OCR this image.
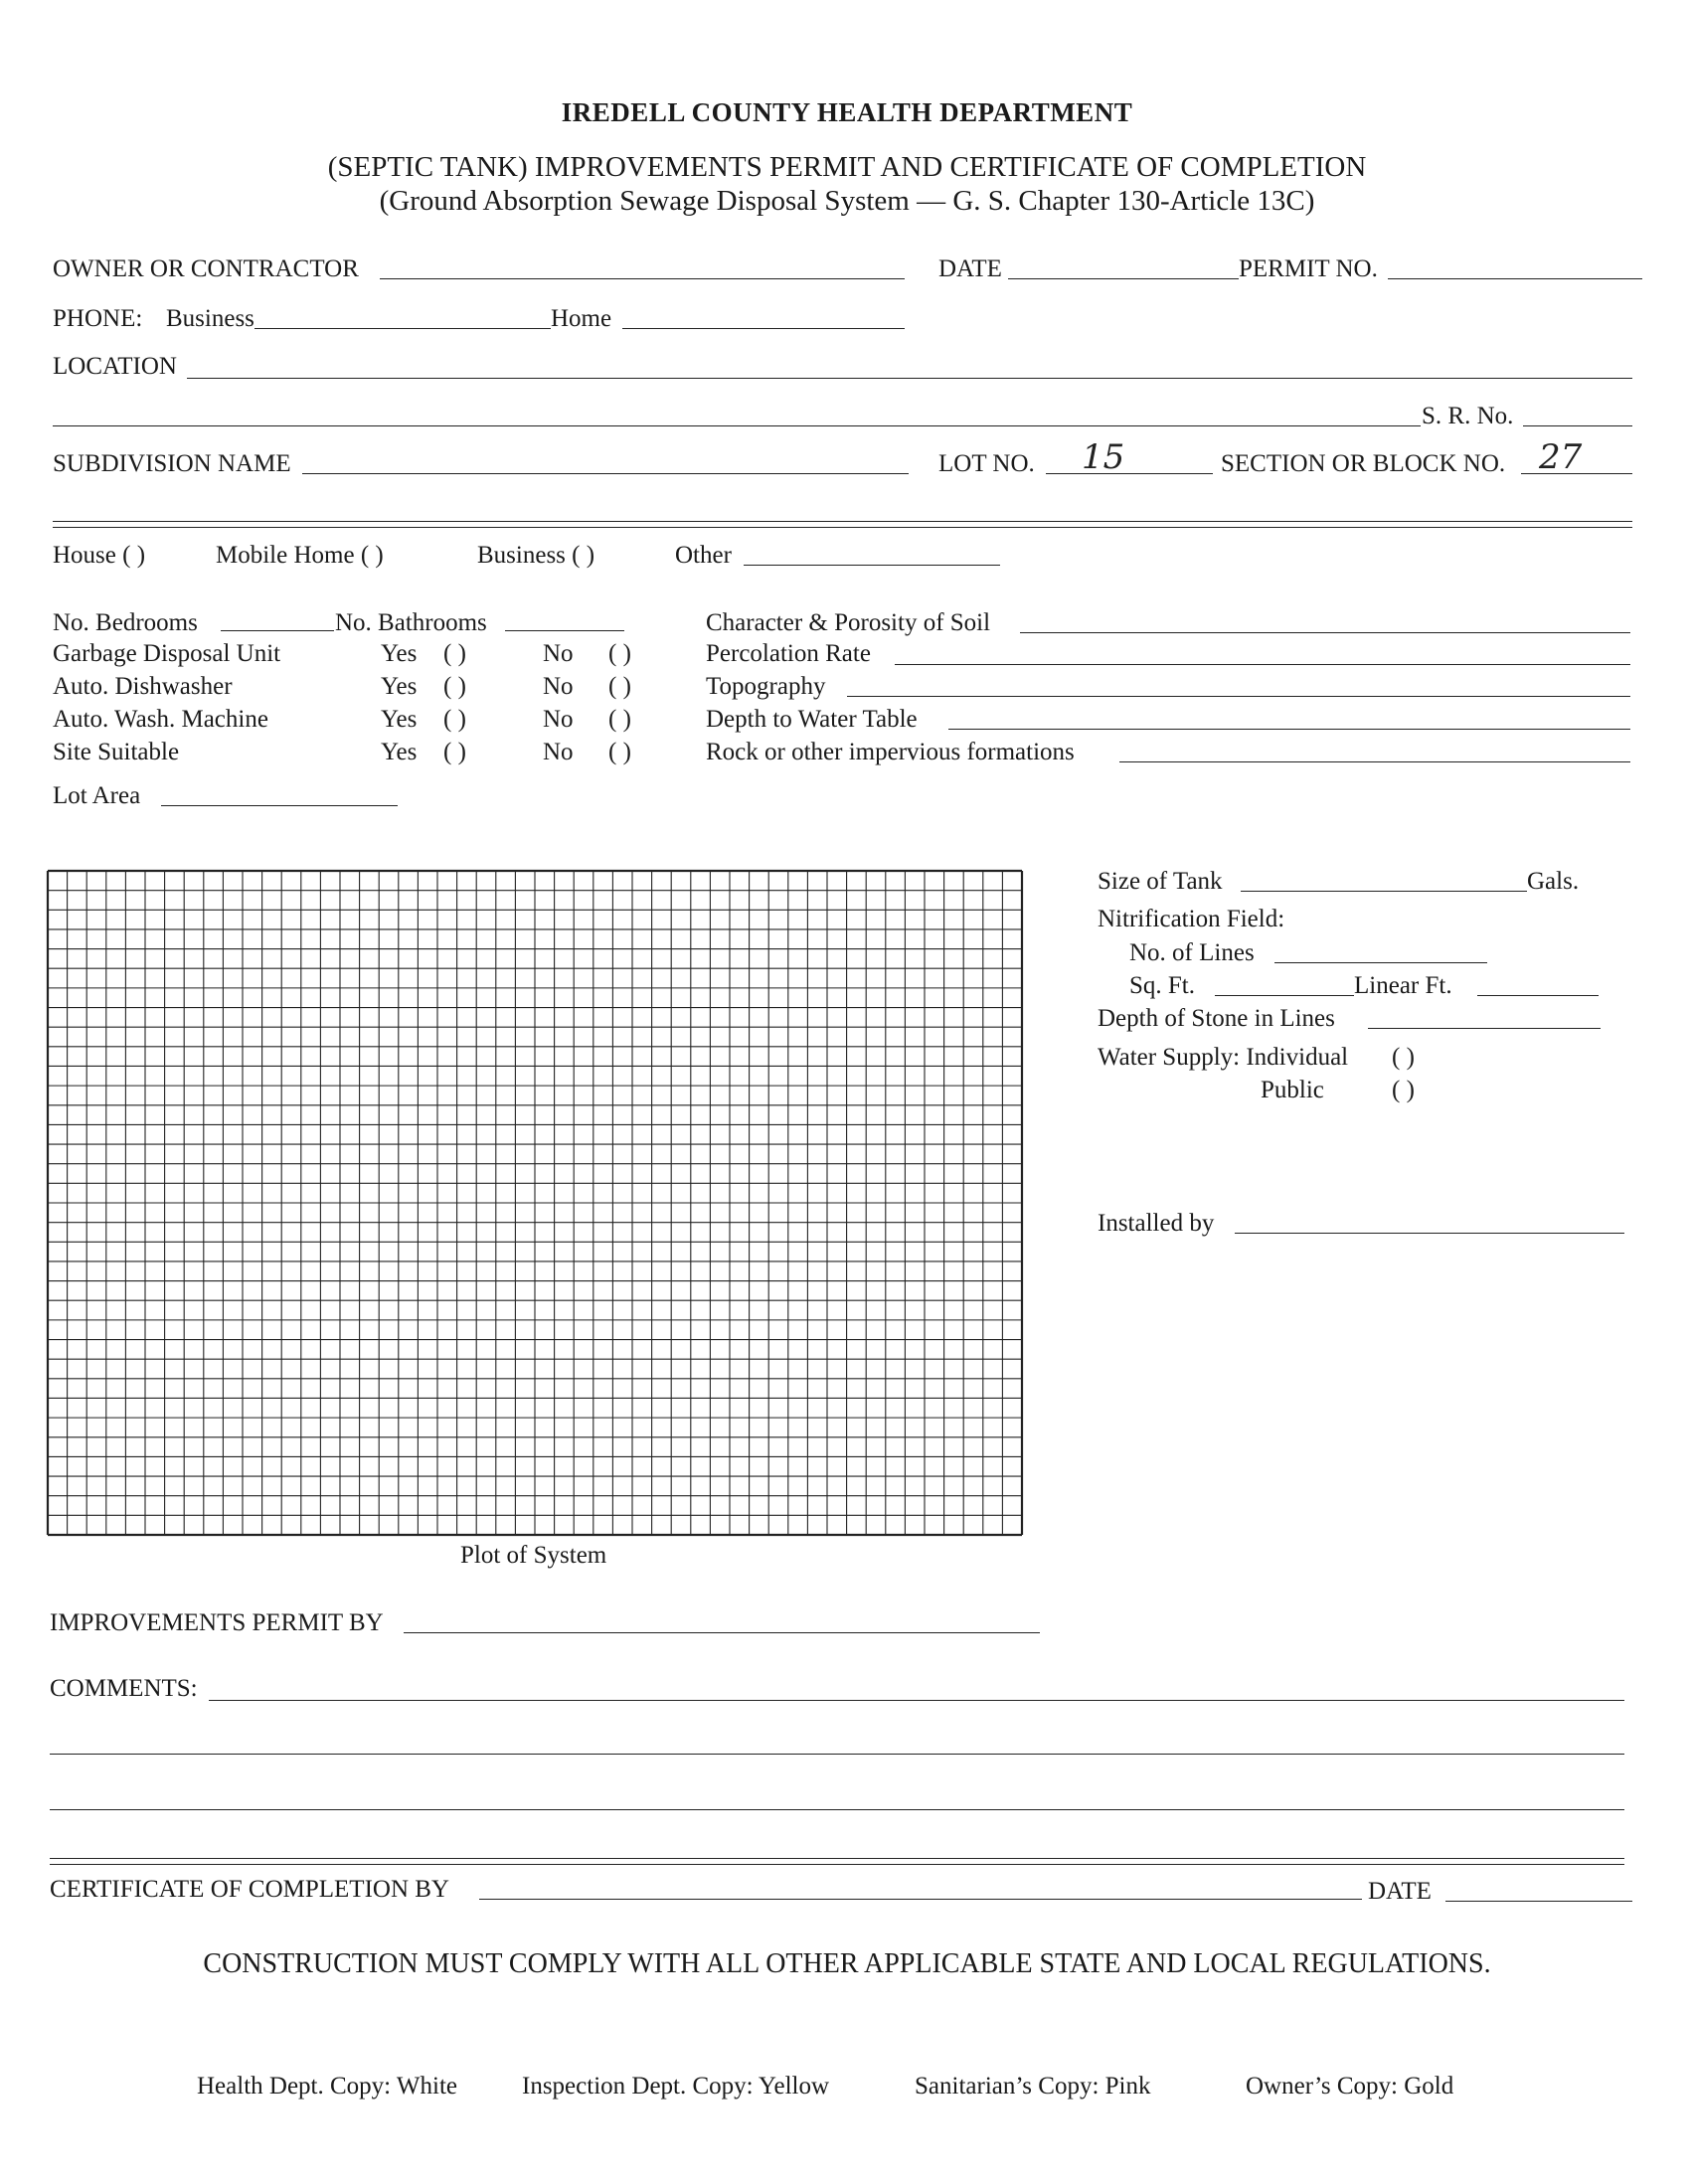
IREDELL COUNTY HEALTH DEPARTMENT
(SEPTIC TANK) IMPROVEMENTS PERMIT AND CERTIFICATE OF COMPLETION
(Ground Absorption Sewage Disposal System — G. S. Chapter 130-Article 13C)
OWNER OR CONTRACTOR	DATE	PERMIT NO.
PHONE: Business	Home
LOCATION
S. R. No.
SUBDIVISION NAME	LOT NO. 15	SECTION OR BLOCK NO. 27
House ( )	Mobile Home ( )	Business ( )	Other
No. Bedrooms	No. Bathrooms
Garbage Disposal Unit	Yes ( )	No ( )
Auto. Dishwasher	Yes ( )	No ( )
Auto. Wash. Machine	Yes ( )	No ( )
Site Suitable	Yes ( )	No ( )
Lot Area
Character & Porosity of Soil
Percolation Rate
Topography
Depth to Water Table
Rock or other impervious formations
Plot of System
Size of Tank	Gals.
Nitrification Field:
No. of Lines
Sq. Ft.	Linear Ft.
Depth of Stone in Lines
Water Supply: Individual ( )
Public	( )
Installed by
IMPROVEMENTS PERMIT BY
COMMENTS:
CERTIFICATE OF COMPLETION BY	DATE
CONSTRUCTION MUST COMPLY WITH ALL OTHER APPLICABLE STATE AND LOCAL REGULATIONS.
Health Dept. Copy: White	Inspection Dept. Copy: Yellow	Sanitarian’s Copy: Pink	Owner’s Copy: Gold
